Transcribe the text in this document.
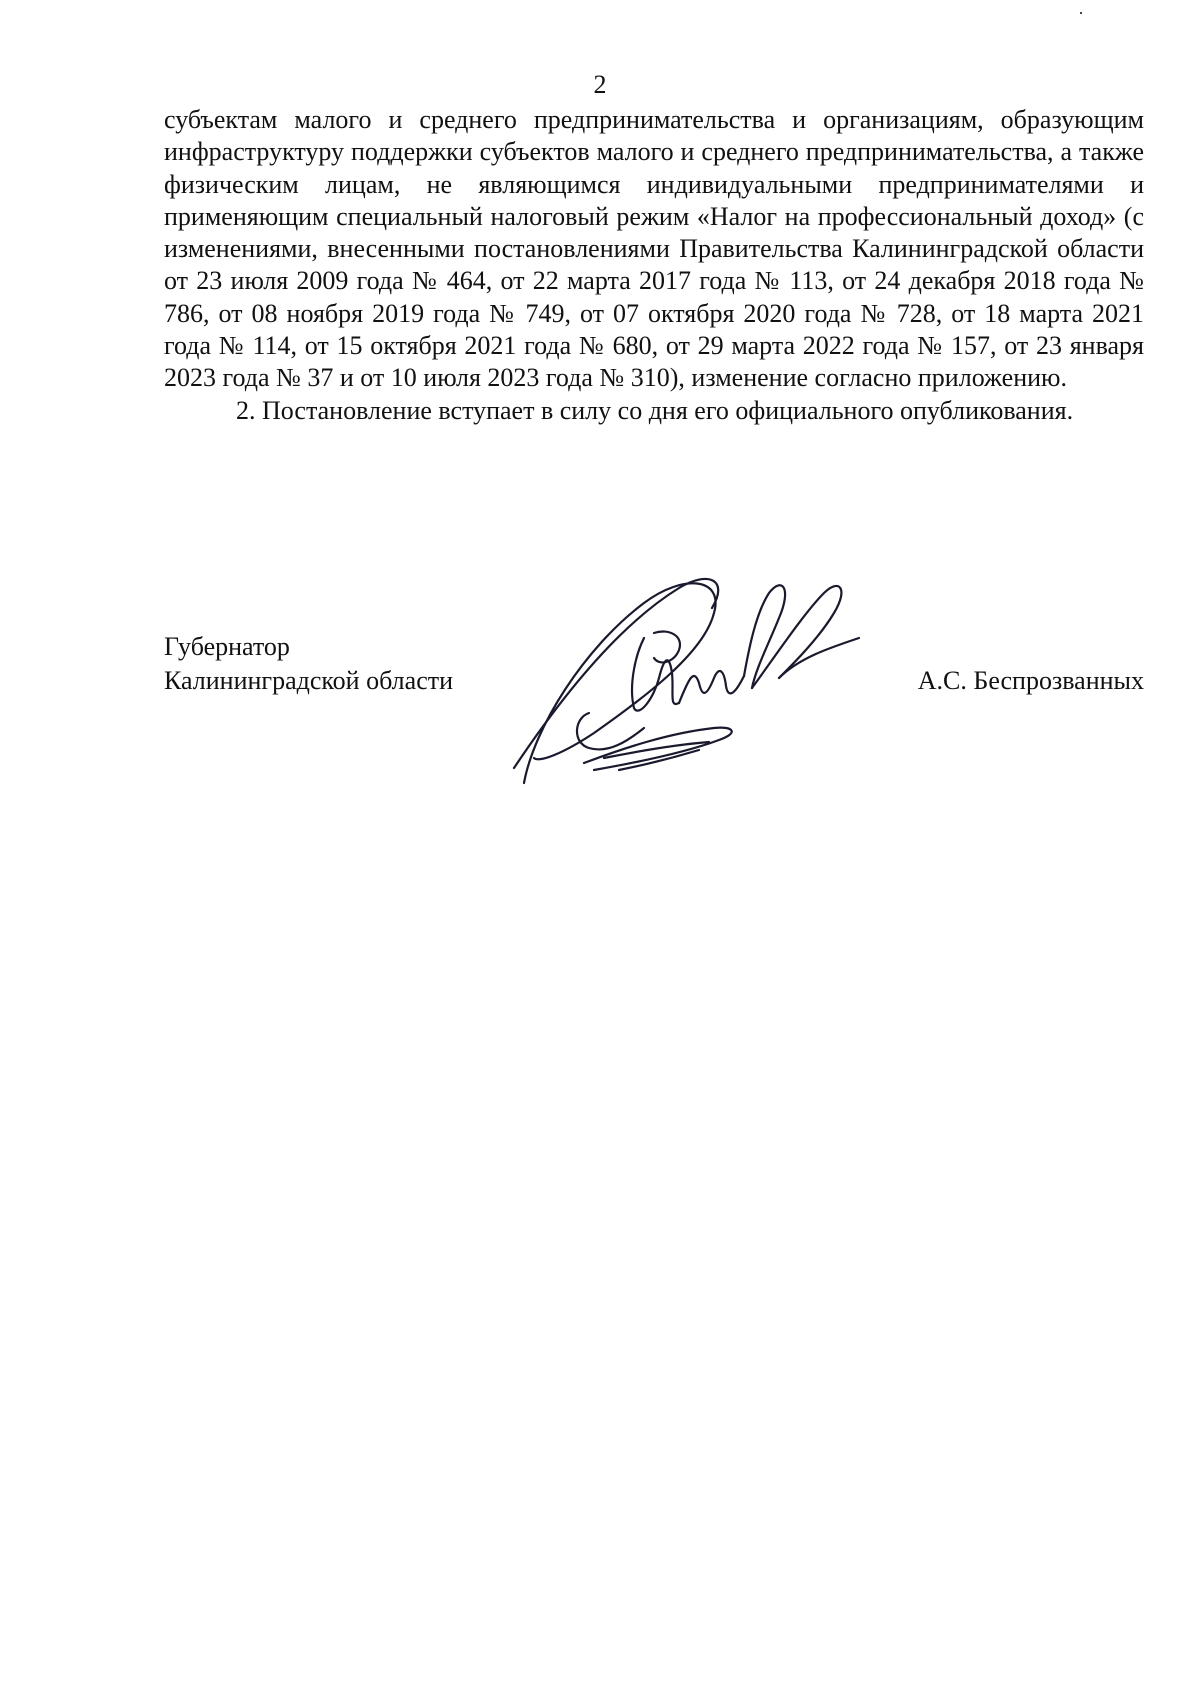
2

субъектам малого и среднего предпринимательства и организациям, образующим инфраструктуру поддержки субъектов малого и среднего предпринимательства, а также физическим лицам, не являющимся индивидуальными предпринимателями и применяющим специальный налоговый режим «Налог на профессиональный доход» (с изменениями, внесенными постановлениями Правительства Калининградской области от 23 июля 2009 года № 464, от 22 марта 2017 года № 113, от 24 декабря 2018 года № 786, от 08 ноября 2019 года № 749, от 07 октября 2020 года № 728, от 18 марта 2021 года № 114, от 15 октября 2021 года № 680, от 29 марта 2022 года № 157, от 23 января 2023 года № 37 и от 10 июля 2023 года № 310), изменение согласно приложению.

2. Постановление вступает в силу со дня его официального опубликования.

Губернатор
Калининградской области	А.С. Беспрозванных
